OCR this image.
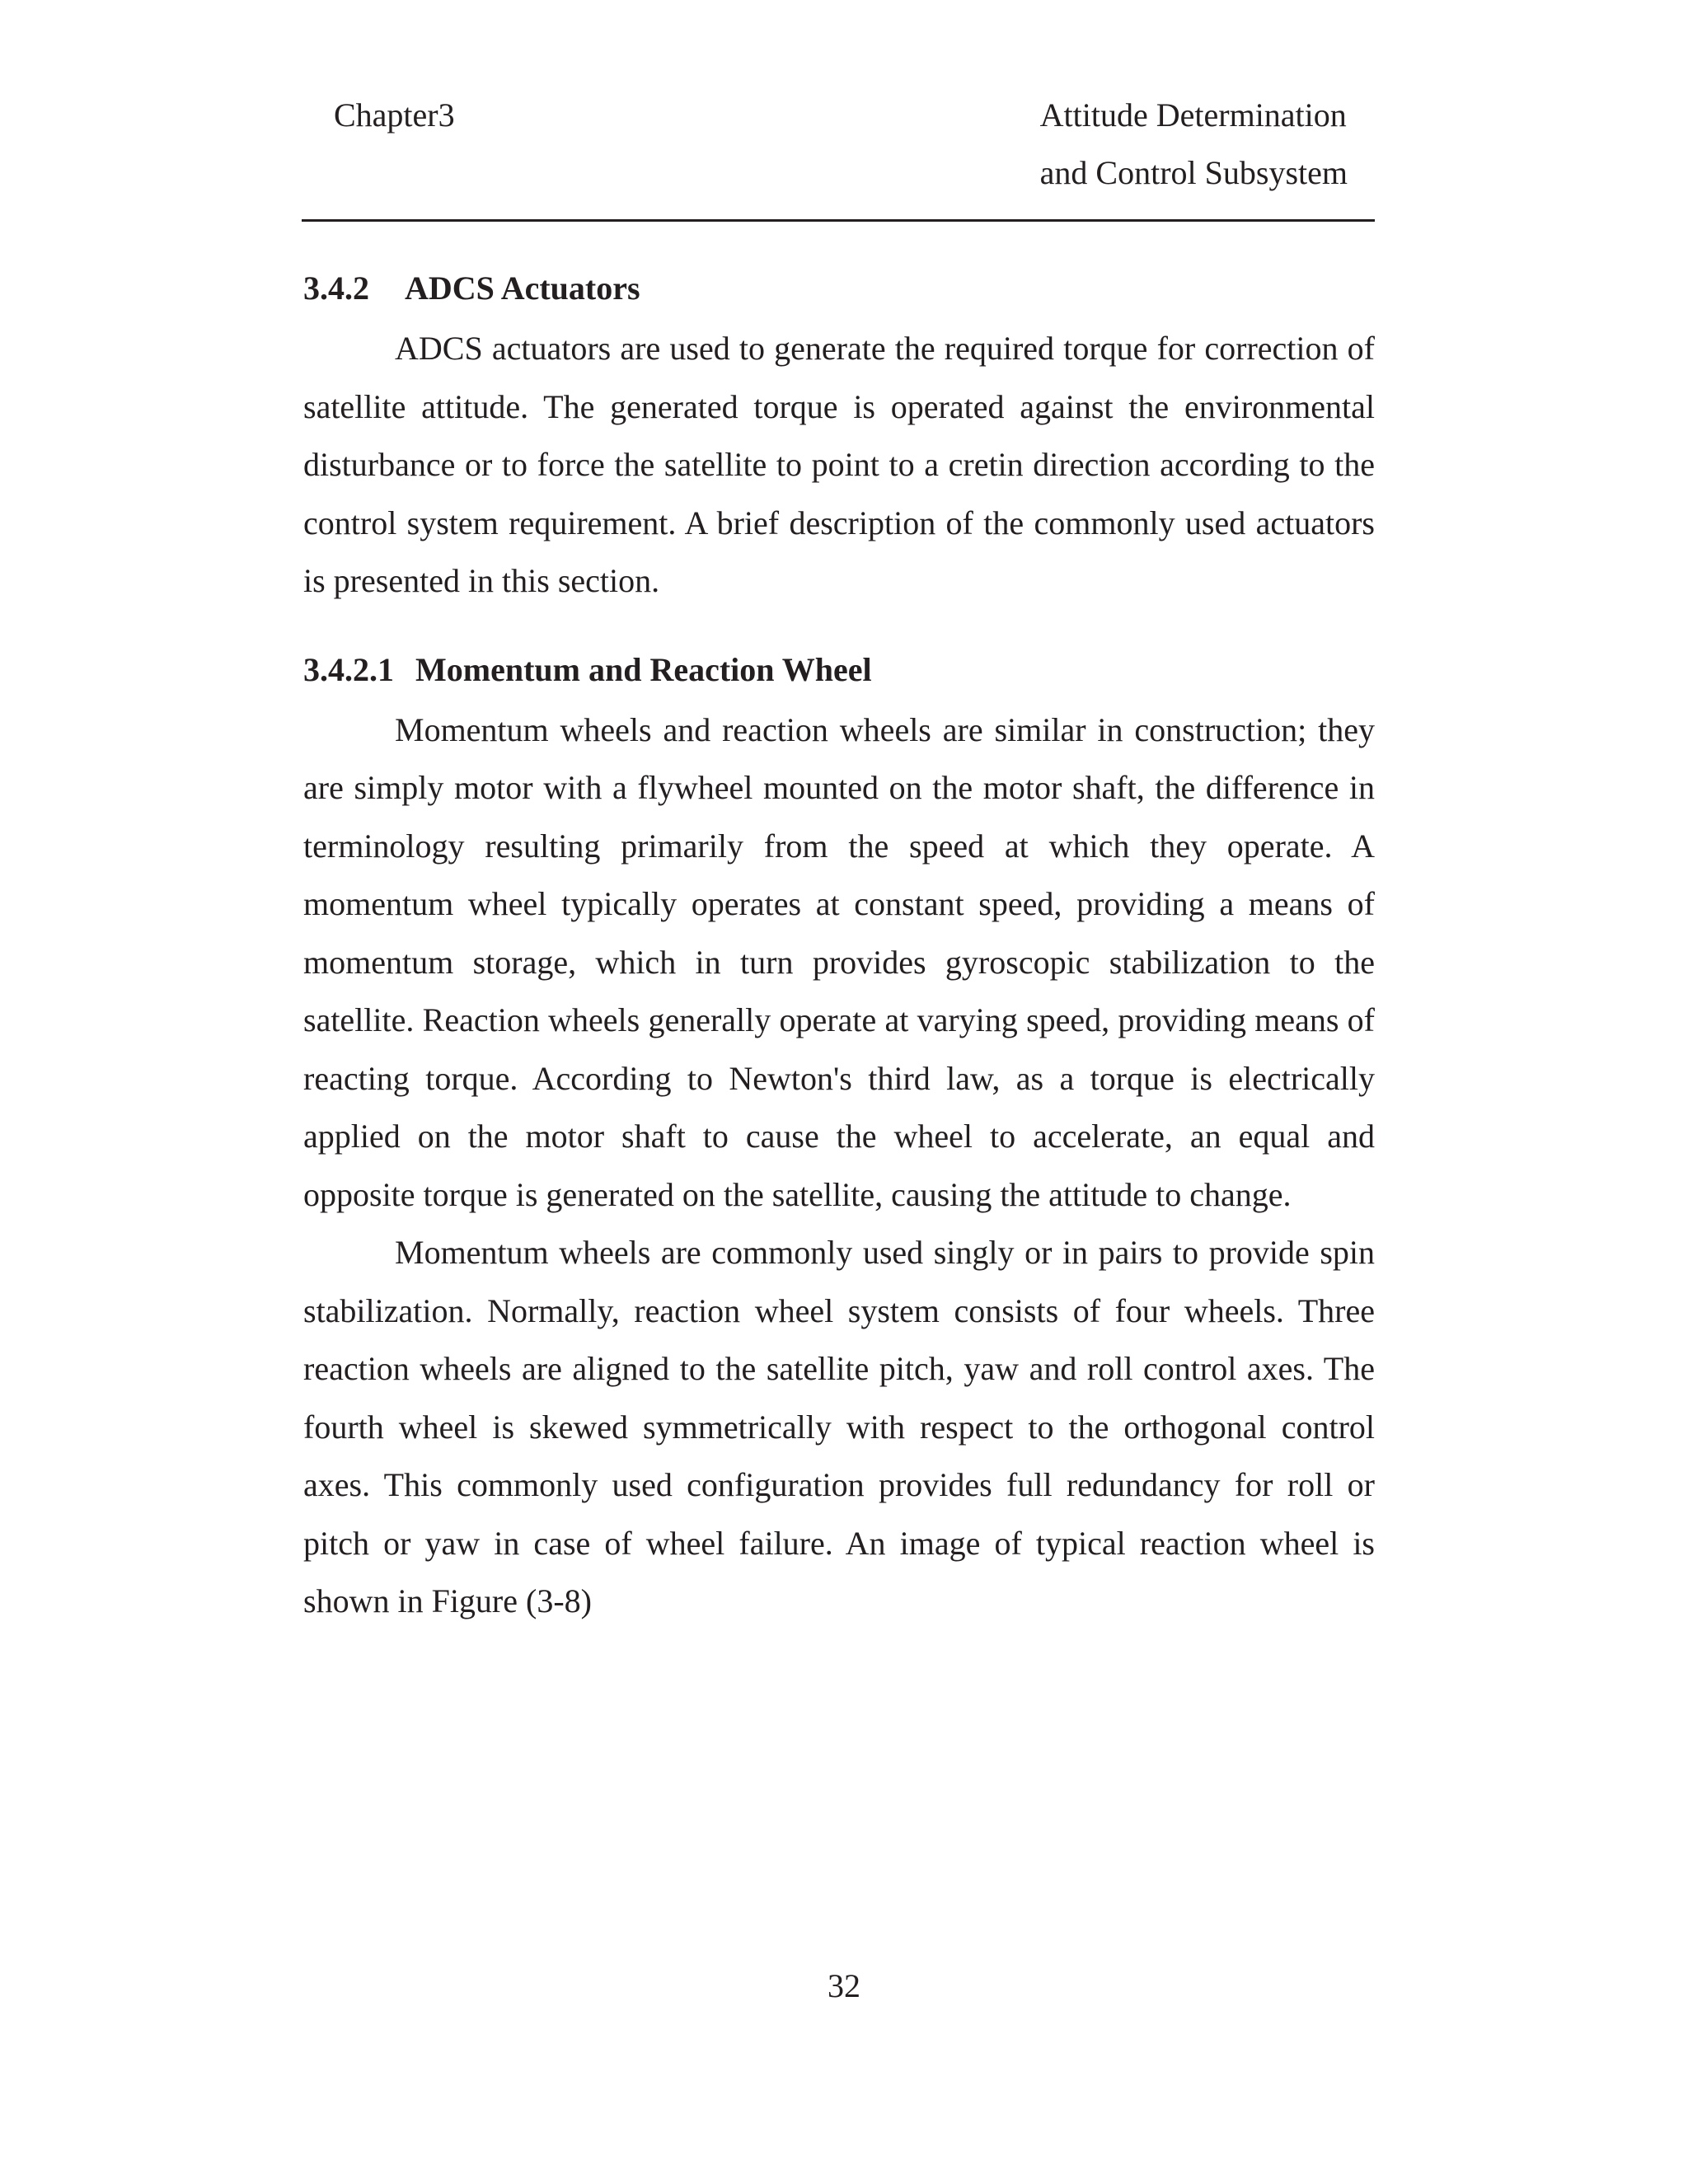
Chapter3	Attitude Determination
and Control Subsystem
3.4.2 ADCS Actuators

ADCS actuators are used to generate the required torque for correction of satellite attitude. The generated torque is operated against the environmental disturbance or to force the satellite to point to a cretin direction according to the control system requirement. A brief description of the commonly used actuators is presented in this section.

3.4.2.1 Momentum and Reaction Wheel

Momentum wheels and reaction wheels are similar in construction; they are simply motor with a flywheel mounted on the motor shaft, the difference in terminology resulting primarily from the speed at which they operate. A momentum wheel typically operates at constant speed, providing a means of momentum storage, which in turn provides gyroscopic stabilization to the satellite. Reaction wheels generally operate at varying speed, providing means of reacting torque. According to Newton's third law, as a torque is electrically applied on the motor shaft to cause the wheel to accelerate, an equal and opposite torque is generated on the satellite, causing the attitude to change.

Momentum wheels are commonly used singly or in pairs to provide spin stabilization. Normally, reaction wheel system consists of four wheels. Three reaction wheels are aligned to the satellite pitch, yaw and roll control axes. The fourth wheel is skewed symmetrically with respect to the orthogonal control axes. This commonly used configuration provides full redundancy for roll or pitch or yaw in case of wheel failure. An image of typical reaction wheel is shown in Figure (3-8)

32
